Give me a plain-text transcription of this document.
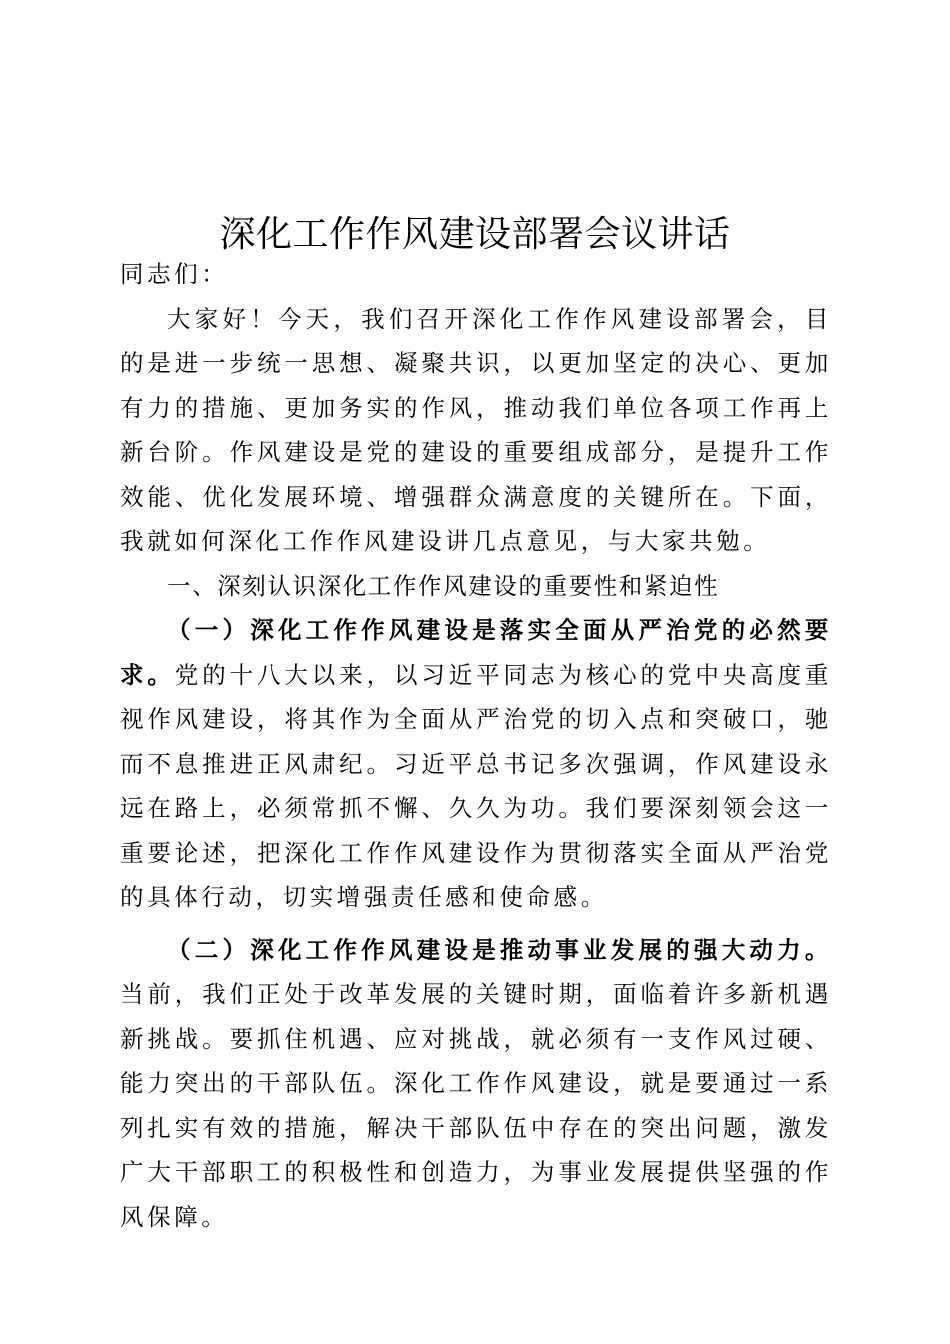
深化工作作风建设部署会议讲话

同志们：

大家好！今天，我们召开深化工作作风建设部署会，目的是进一步统一思想、凝聚共识，以更加坚定的决心、更加有力的措施、更加务实的作风，推动我们单位各项工作再上新台阶。作风建设是党的建设的重要组成部分，是提升工作效能、优化发展环境、增强群众满意度的关键所在。下面，我就如何深化工作作风建设讲几点意见，与大家共勉。

一、深刻认识深化工作作风建设的重要性和紧迫性

（一）深化工作作风建设是落实全面从严治党的必然要求。党的十八大以来，以习近平同志为核心的党中央高度重视作风建设，将其作为全面从严治党的切入点和突破口，驰而不息推进正风肃纪。习近平总书记多次强调，作风建设永远在路上，必须常抓不懈、久久为功。我们要深刻领会这一重要论述，把深化工作作风建设作为贯彻落实全面从严治党的具体行动，切实增强责任感和使命感。

（二）深化工作作风建设是推动事业发展的强大动力。当前，我们正处于改革发展的关键时期，面临着许多新机遇新挑战。要抓住机遇、应对挑战，就必须有一支作风过硬、能力突出的干部队伍。深化工作作风建设，就是要通过一系列扎实有效的措施，解决干部队伍中存在的突出问题，激发广大干部职工的积极性和创造力，为事业发展提供坚强的作风保障。
